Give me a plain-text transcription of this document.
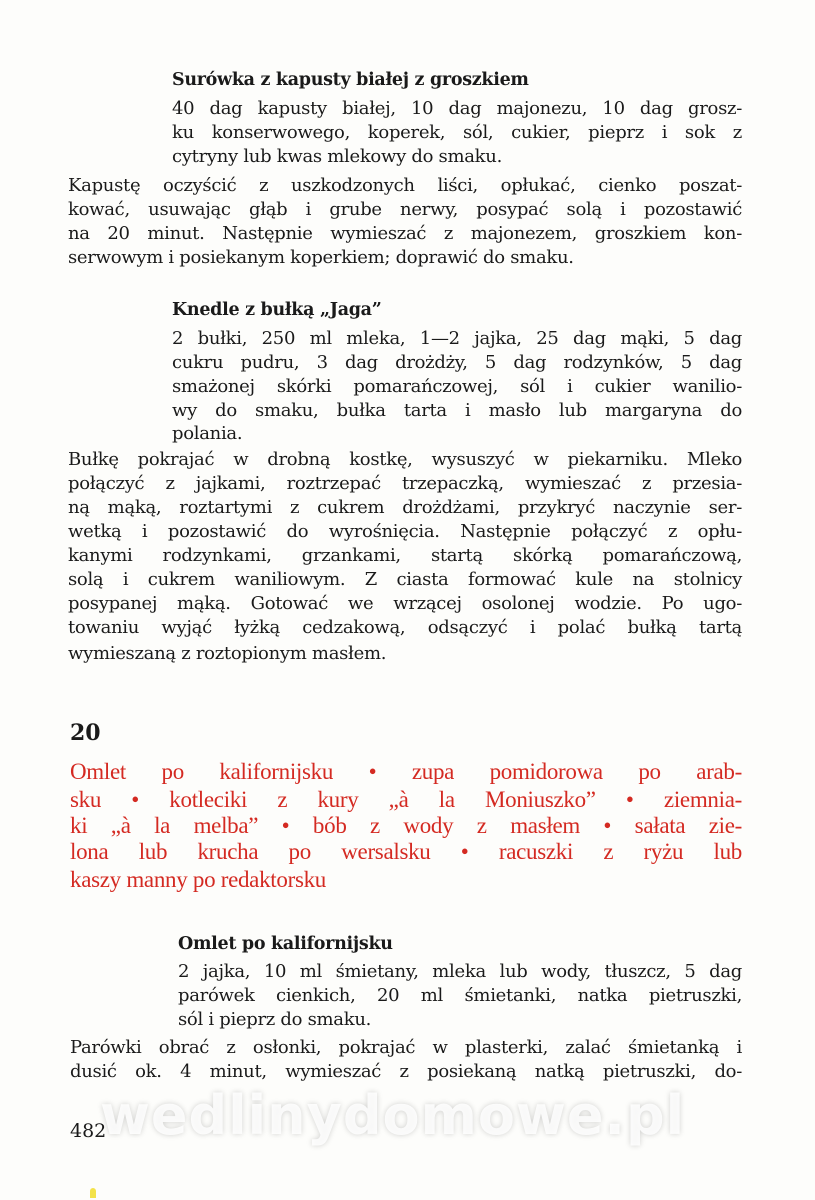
Surówka z kapusty białej z groszkiem
40 dag kapusty białej, 10 dag majonezu, 10 dag grosz-
ku konserwowego, koperek, sól, cukier, pieprz i sok z
cytryny lub kwas mlekowy do smaku.
Kapustę oczyścić z uszkodzonych liści, opłukać, cienko poszat-
kować, usuwając głąb i grube nerwy, posypać solą i pozostawić
na 20 minut. Następnie wymieszać z majonezem, groszkiem kon-
serwowym i posiekanym koperkiem; doprawić do smaku.
Knedle z bułką „Jaga”
2 bułki, 250 ml mleka, 1—2 jajka, 25 dag mąki, 5 dag
cukru pudru, 3 dag drożdży, 5 dag rodzynków, 5 dag
smażonej skórki pomarańczowej, sól i cukier wanilio-
wy do smaku, bułka tarta i masło lub margaryna do
polania.
Bułkę pokrajać w drobną kostkę, wysuszyć w piekarniku. Mleko
połączyć z jajkami, roztrzepać trzepaczką, wymieszać z przesia-
ną mąką, roztartymi z cukrem drożdżami, przykryć naczynie ser-
wetką i pozostawić do wyrośnięcia. Następnie połączyć z opłu-
kanymi rodzynkami, grzankami, startą skórką pomarańczową,
solą i cukrem waniliowym. Z ciasta formować kule na stolnicy
posypanej mąką. Gotować we wrzącej osolonej wodzie. Po ugo-
towaniu wyjąć łyżką cedzakową, odsączyć i polać bułką tartą
wymieszaną z roztopionym masłem.
Omlet po kalifornijsku • zupa pomidorowa po arab-
sku • kotleciki z kury „à la Moniuszko” • ziemnia-
ki „à la melba” • bób z wody z masłem • sałata zie-
lona lub krucha po wersalsku • racuszki z ryżu lub
kaszy manny po redaktorsku
Omlet po kalifornijsku
2 jajka, 10 ml śmietany, mleka lub wody, tłuszcz, 5 dag
parówek cienkich, 20 ml śmietanki, natka pietruszki,
sól i pieprz do smaku.
Parówki obrać z osłonki, pokrajać w plasterki, zalać śmietanką i
dusić ok. 4 minut, wymieszać z posiekaną natką pietruszki, do-
20
482
wedlinydomowe.pl
